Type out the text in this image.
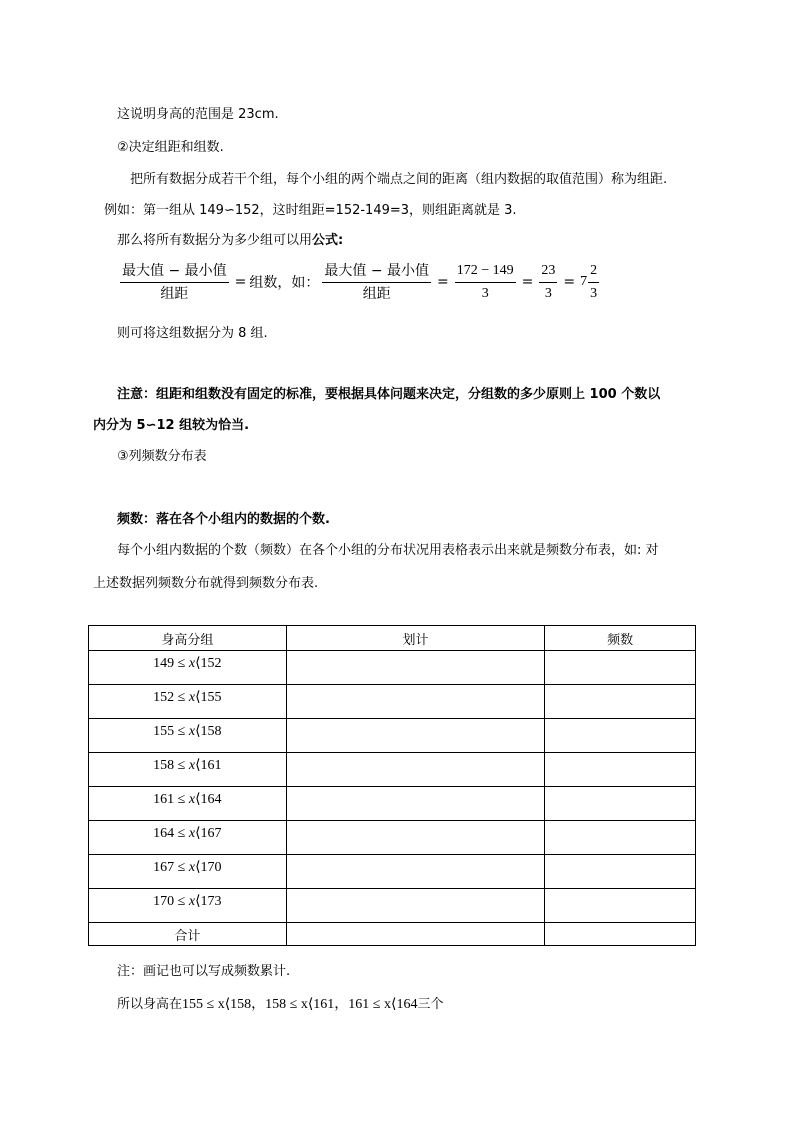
这说明身高的范围是 23cm.
②决定组距和组数.
把所有数据分成若干个组，每个小组的两个端点之间的距离（组内数据的取值范围）称为组距.
例如：第一组从 149∽152，这时组距=152-149=3，则组距离就是 3.
那么将所有数据分为多少组可以用公式:
$\frac{\text{最大值 − 最小值}}{\text{组距}}$ = 组数 ，如： $\frac{\text{最大值 − 最小值}}{\text{组距}} = \frac{172 - 149}{3} = \frac{23}{3} = 7 \frac{2}{3}$
则可将这组数据分为 8 组.
注意：组距和组数没有固定的标准，要根据具体问题来决定，分组数的多少原则上 100 个数以
内分为 5∽12 组较为恰当.
③列频数分布表
频数：落在各个小组内的数据的个数.
每个小组内数据的个数（频数）在各个小组的分布状况用表格表示出来就是频数分布表，如: 对
上述数据列频数分布就得到频数分布表.
身高分组	划计	频数
149 ≤ x⟨152		
152 ≤ x⟨155		
155 ≤ x⟨158		
158 ≤ x⟨161		
161 ≤ x⟨164		
164 ≤ x⟨167		
167 ≤ x⟨170		
170 ≤ x⟨173		
合计		
注：画记也可以写成频数累计.
所以身高在155 ≤ x⟨158，158 ≤ x⟨161，161 ≤ x⟨164三个
